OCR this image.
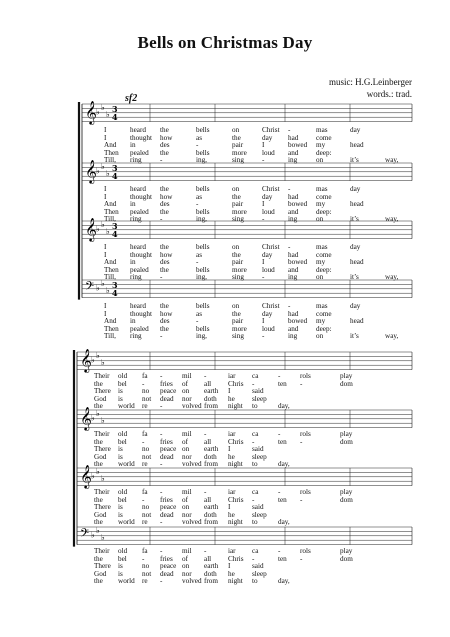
Bells on Christmas Day
music: H.G.Leinberger
words.: trad.
sf2
𝄞 ♭ ♭
♭
3
4
𝄞 ♭ ♭
♭
3
4
𝄞 ♭ ♭
♭
3
4
𝄢 ♭ ♭
♭
3
4
𝄞 ♭ ♭
♭
𝄞 ♭ ♭
♭
𝄞 ♭ ♭
♭
𝄢 ♭ ♭
♭
I	heard the	bells	on	Christ -	mas	day
I	thought how	as	the	day had come
And in	des	-	pair	I	bowed my	head
Then pealed the	bells	more loud and deep:
Till, ring	-	ing,	sing	-	ing	on	it’s	way,
I	heard the	bells	on	Christ -	mas	day
I	thought how	as	the	day had come
And in	des	-	pair	I	bowed my	head
Then pealed the	bells	more loud and deep:
Till, ring	-	ing,	sing	-	ing	on	it’s	way,
I	heard the	bells	on	Christ -	mas	day
I	thought how	as	the	day had come
And in	des	-	pair	I	bowed my	head
Then pealed the	bells	more loud and deep:
Till, ring	-	ing,	sing	-	ing	on	it’s	way,
I	heard the	bells	on	Christ -	mas	day
I	thought how	as	the	day had come
And in	des	-	pair	I	bowed my	head
Then pealed the	bells	more loud and deep:
Till, ring	-	ing,	sing	-	ing	on	it’s	way,
Their old fa -	mil -	iar ca	-	rols	play
the bel - fries of all Chris -	ten -	dom
There is	no peace on earth I	said
God is	not dead nor doth he sleep
the world re -	volved from night to	day,
Their old fa -	mil -	iar ca	-	rols	play
the bel - fries of all Chris -	ten -	dom
There is	no peace on earth I	said
God is	not dead nor doth he sleep
the world re -	volved from night to	day,
Their old fa -	mil -	iar ca	-	rols	play
the bel - fries of all Chris -	ten -	dom
There is	no peace on earth I	said
God is	not dead nor doth he sleep
the world re -	volved from night to	day,
Their old fa -	mil -	iar ca	-	rols	play
the bel - fries of all Chris -	ten -	dom
There is	no peace on earth I	said
God is	not dead nor doth he sleep
the world re -	volved from night to	day,
